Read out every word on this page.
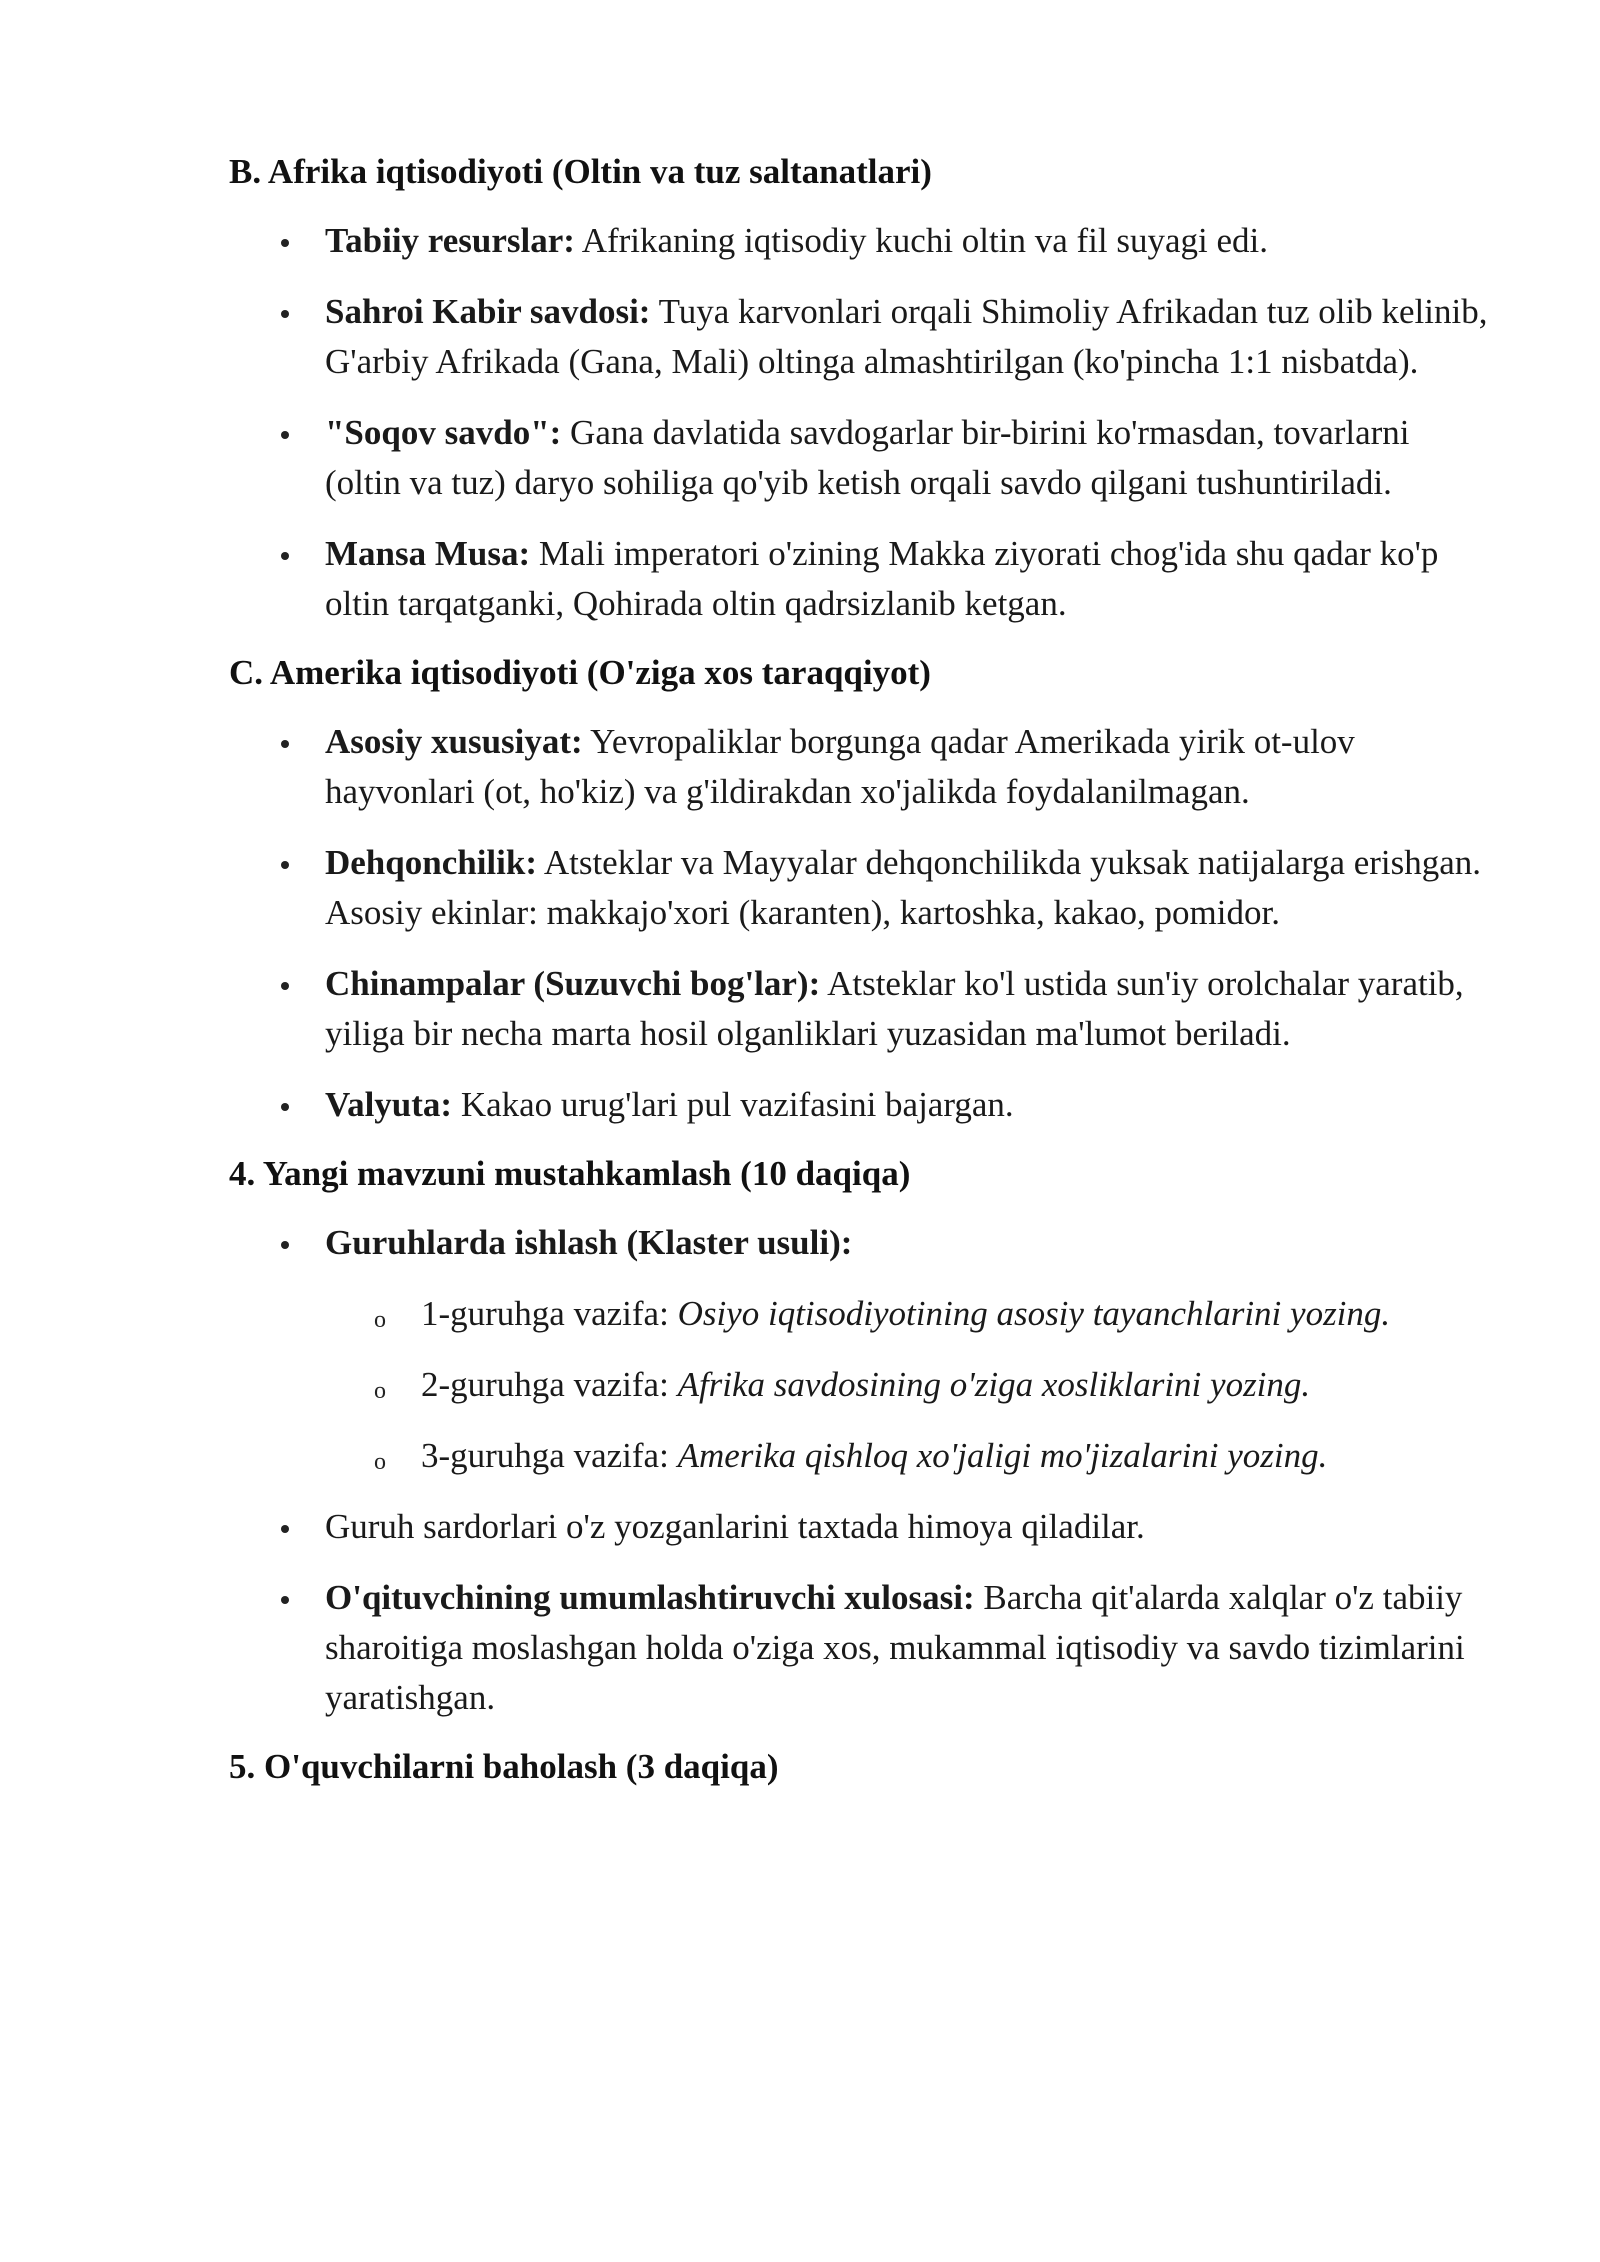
B. Afrika iqtisodiyoti (Oltin va tuz saltanatlari)

Tabiiy resurslar: Afrikaning iqtisodiy kuchi oltin va fil suyagi edi.
Sahroi Kabir savdosi: Tuya karvonlari orqali Shimoliy Afrikadan tuz olib kelinib, G'arbiy Afrikada (Gana, Mali) oltinga almashtirilgan (ko'pincha 1:1 nisbatda).
"Soqov savdo": Gana davlatida savdogarlar bir-birini ko'rmasdan, tovarlarni (oltin va tuz) daryo sohiliga qo'yib ketish orqali savdo qilgani tushuntiriladi.
Mansa Musa: Mali imperatori o'zining Makka ziyorati chog'ida shu qadar ko'p oltin tarqatganki, Qohirada oltin qadrsizlanib ketgan.

C. Amerika iqtisodiyoti (O'ziga xos taraqqiyot)

Asosiy xususiyat: Yevropaliklar borgunga qadar Amerikada yirik ot-ulov hayvonlari (ot, ho'kiz) va g'ildirakdan xo'jalikda foydalanilmagan.
Dehqonchilik: Atsteklar va Mayyalar dehqonchilikda yuksak natijalarga erishgan. Asosiy ekinlar: makkajo'xori (karanten), kartoshka, kakao, pomidor.
Chinampalar (Suzuvchi bog'lar): Atsteklar ko'l ustida sun'iy orolchalar yaratib, yiliga bir necha marta hosil olganliklari yuzasidan ma'lumot beriladi.
Valyuta: Kakao urug'lari pul vazifasini bajargan.

4. Yangi mavzuni mustahkamlash (10 daqiqa)

Guruhlarda ishlash (Klaster usuli):
o 1-guruhga vazifa: Osiyo iqtisodiyotining asosiy tayanchlarini yozing.
o 2-guruhga vazifa: Afrika savdosining o'ziga xosliklarini yozing.
o 3-guruhga vazifa: Amerika qishloq xo'jaligi mo'jizalarini yozing.
Guruh sardorlari o'z yozganlarini taxtada himoya qiladilar.
O'qituvchining umumlashtiruvchi xulosasi: Barcha qit'alarda xalqlar o'z tabiiy sharoitiga moslashgan holda o'ziga xos, mukammal iqtisodiy va savdo tizimlarini yaratishgan.

5. O'quvchilarni baholash (3 daqiqa)
